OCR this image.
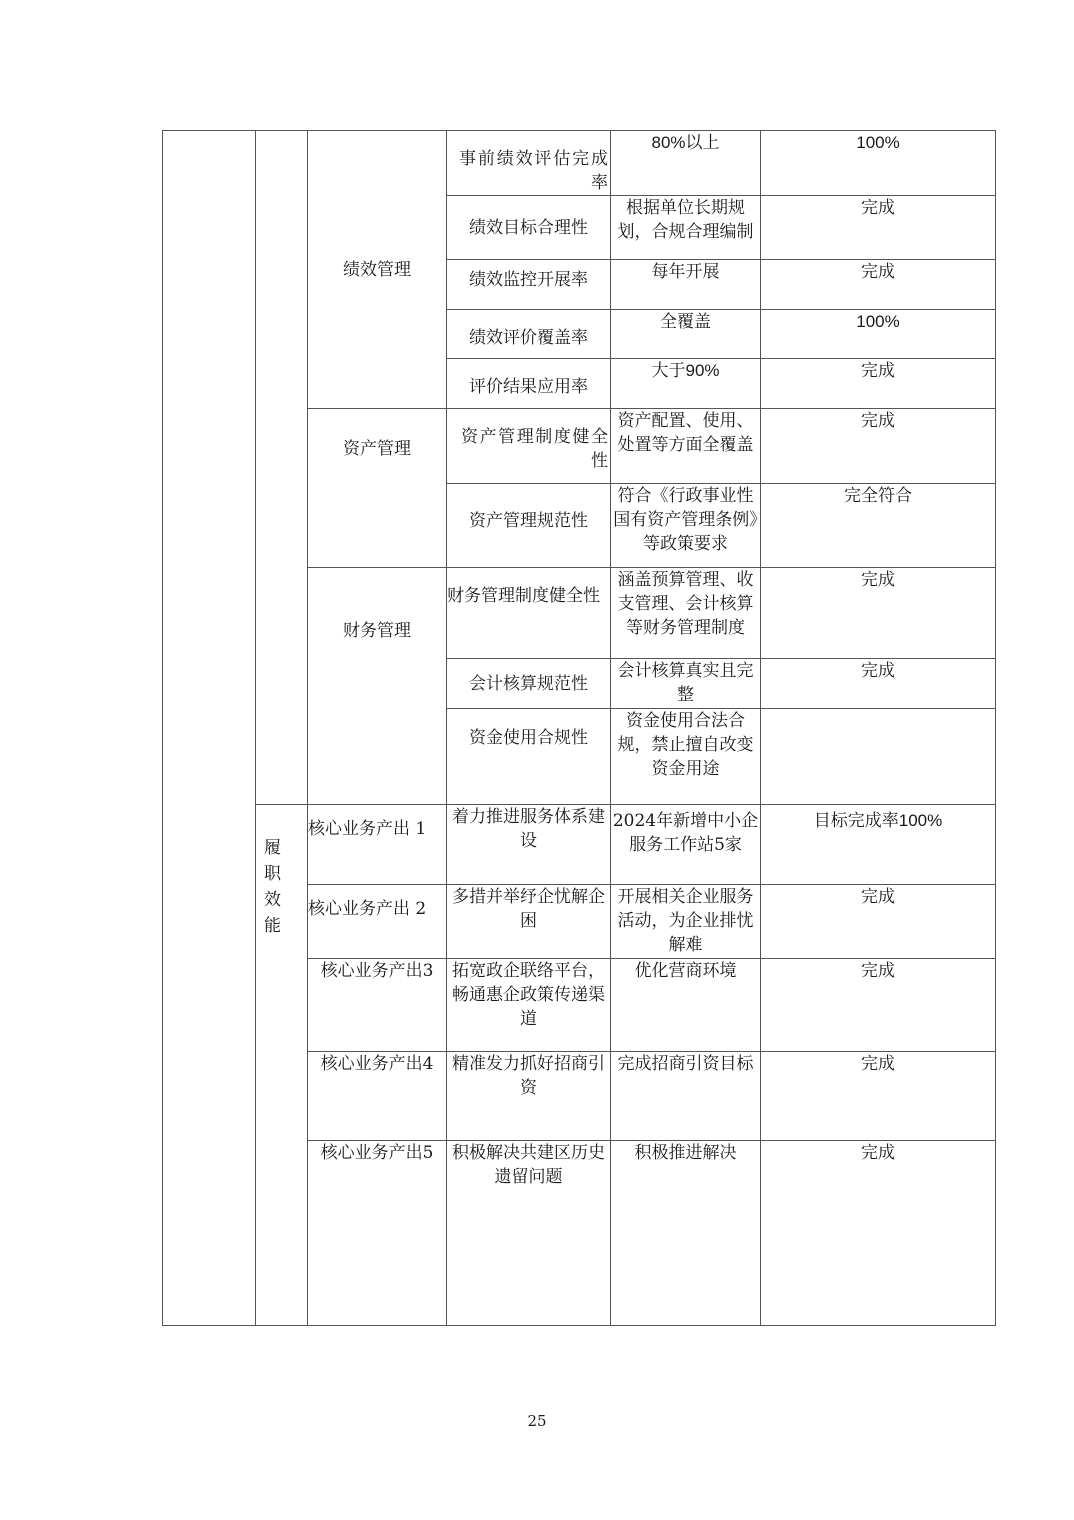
		绩效管理	事前绩效评估完成率	80%以上	100%
			绩效目标合理性	根据单位长期规划，合规合理编制	完成
			绩效监控开展率	每年开展	完成
			绩效评价覆盖率	全覆盖	100%
			评价结果应用率	大于90%	完成
		资产管理	资产管理制度健全性	资产配置、使用、处置等方面全覆盖	完成
			资产管理规范性	符合《行政事业性国有资产管理条例》等政策要求	完全符合
		财务管理	财务管理制度健全性	涵盖预算管理、收支管理、会计核算等财务管理制度	完成
			会计核算规范性	会计核算真实且完整	完成
			资金使用合规性	资金使用合法合规，禁止擅自改变资金用途	

	履职效能	核心业务产出 1	着力推进服务体系建设	2024年新增中小企服务工作站5家	目标完成率100%
		核心业务产出 2	多措并举纾企忧解企困	开展相关企业服务活动，为企业排忧解难	完成
		核心业务产出3	拓宽政企联络平台，畅通惠企政策传递渠道	优化营商环境	完成
		核心业务产出4	精准发力抓好招商引资	完成招商引资目标	完成
		核心业务产出5	积极解决共建区历史遗留问题	积极推进解决	完成
25
